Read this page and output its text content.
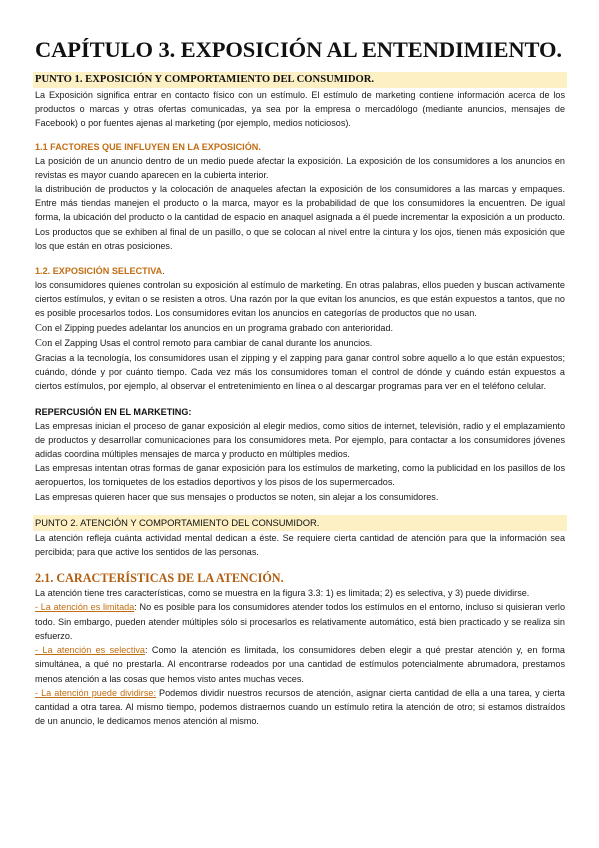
CAPÍTULO 3. EXPOSICIÓN AL ENTENDIMIENTO.
PUNTO 1. EXPOSICIÓN Y COMPORTAMIENTO DEL CONSUMIDOR.

La Exposición significa entrar en contacto físico con un estímulo. El estímulo de marketing contiene información acerca de los productos o marcas y otras ofertas comunicadas, ya sea por la empresa o mercadólogo (mediante anuncios, mensajes de Facebook) o por fuentes ajenas al marketing (por ejemplo, medios noticiosos).

1.1 FACTORES QUE INFLUYEN EN LA EXPOSICIÓN.

La posición de un anuncio dentro de un medio puede afectar la exposición. La exposición de los consumidores a los anuncios en revistas es mayor cuando aparecen en la cubierta interior.

la distribución de productos y la colocación de anaqueles afectan la exposición de los consumidores a las marcas y empaques. Entre más tiendas manejen el producto o la marca, mayor es la probabilidad de que los consumidores la encuentren. De igual forma, la ubicación del producto o la cantidad de espacio en anaquel asignada a él puede incrementar la exposición a un producto. Los productos que se exhiben al final de un pasillo, o que se colocan al nivel entre la cintura y los ojos, tienen más exposición que los que están en otras posiciones.

1.2. EXPOSICIÓN SELECTIVA.

los consumidores quienes controlan su exposición al estímulo de marketing. En otras palabras, ellos pueden y buscan activamente ciertos estímulos, y evitan o se resisten a otros. Una razón por la que evitan los anuncios, es que están expuestos a tantos, que no es posible procesarlos todos. Los consumidores evitan los anuncios en categorías de productos que no usan.

Con el Zipping puedes adelantar los anuncios en un programa grabado con anterioridad.

Con el Zapping Usas el control remoto para cambiar de canal durante los anuncios.

Gracias a la tecnología, los consumidores usan el zipping y el zapping para ganar control sobre aquello a lo que están expuestos; cuándo, dónde y por cuánto tiempo. Cada vez más los consumidores toman el control de dónde y cuándo están expuestos a ciertos estímulos, por ejemplo, al observar el entretenimiento en línea o al descargar programas para ver en el teléfono celular.

REPERCUSIÓN EN EL MARKETING:

Las empresas inician el proceso de ganar exposición al elegir medios, como sitios de internet, televisión, radio y el emplazamiento de productos y desarrollar comunicaciones para los consumidores meta. Por ejemplo, para contactar a los consumidores jóvenes adidas coordina múltiples mensajes de marca y producto en múltiples medios.

Las empresas intentan otras formas de ganar exposición para los estímulos de marketing, como la publicidad en los pasillos de los aeropuertos, los torniquetes de los estadios deportivos y los pisos de los supermercados.

Las empresas quieren hacer que sus mensajes o productos se noten, sin alejar a los consumidores.

PUNTO 2. ATENCIÓN Y COMPORTAMIENTO DEL CONSUMIDOR.

La atención refleja cuánta actividad mental dedican a éste. Se requiere cierta cantidad de atención para que la información sea percibida; para que active los sentidos de las personas.

2.1. CARACTERÍSTICAS DE LA ATENCIÓN.

La atención tiene tres características, como se muestra en la figura 3.3: 1) es limitada; 2) es selectiva, y 3) puede dividirse.

- La atención es limitada: No es posible para los consumidores atender todos los estímulos en el entorno, incluso si quisieran verlo todo. Sin embargo, pueden atender múltiples sólo si procesarlos es relativamente automático, está bien practicado y se realiza sin esfuerzo.

- La atención es selectiva: Como la atención es limitada, los consumidores deben elegir a qué prestar atención y, en forma simultánea, a qué no prestarla. Al encontrarse rodeados por una cantidad de estímulos potencialmente abrumadora, prestamos menos atención a las cosas que hemos visto antes muchas veces.

- La atención puede dividirse: Podemos dividir nuestros recursos de atención, asignar cierta cantidad de ella a una tarea, y cierta cantidad a otra tarea. Al mismo tiempo, podemos distraernos cuando un estímulo retira la atención de otro; si estamos distraídos de un anuncio, le dedicamos menos atención al mismo.
